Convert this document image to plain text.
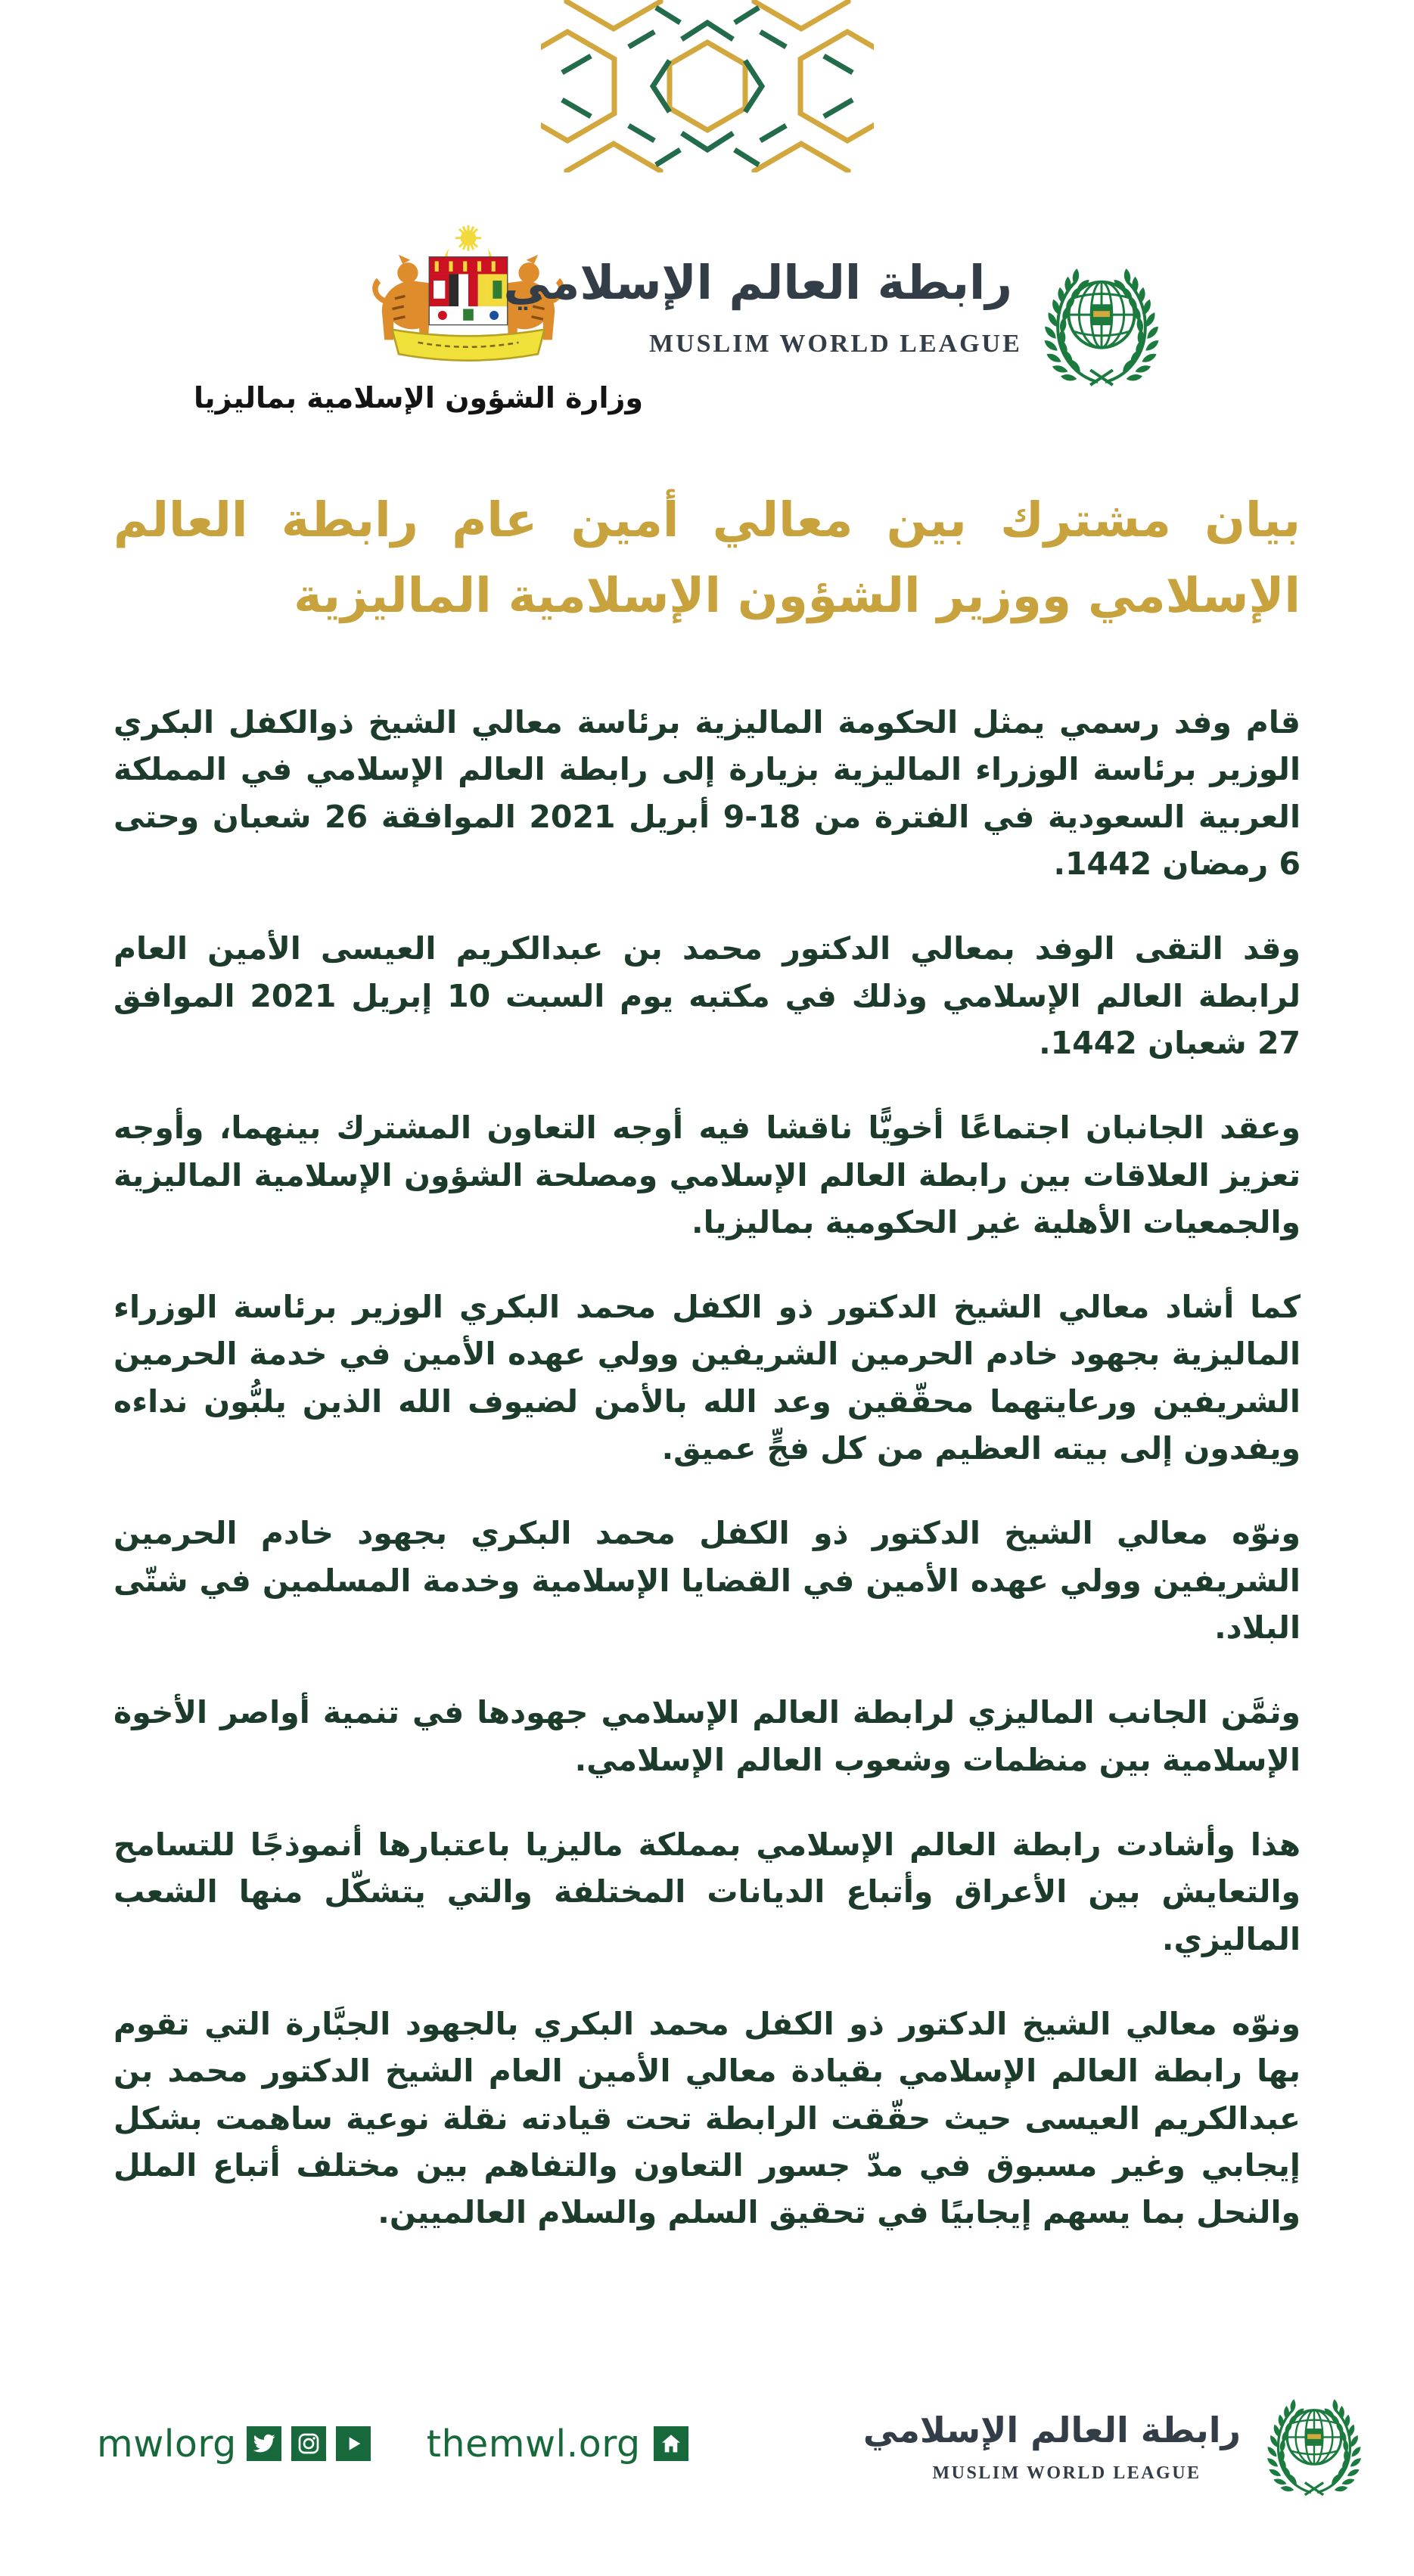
وزارة الشؤون الإسلامية بماليزيا
رابطة العالم الإسلامي
MUSLIM WORLD LEAGUE
بيان مشترك بين معالي أمين عام رابطة العالم الإسلامي ووزير الشؤون الإسلامية الماليزية

قام وفد رسمي يمثل الحكومة الماليزية برئاسة معالي الشيخ ذوالكفل البكري الوزير برئاسة الوزراء الماليزية بزيارة إلى رابطة العالم الإسلامي في المملكة العربية السعودية في الفترة من 18-9 أبريل 2021 الموافقة 26 شعبان وحتى 6 رمضان 1442.

وقد التقى الوفد بمعالي الدكتور محمد بن عبدالكريم العيسى الأمين العام لرابطة العالم الإسلامي وذلك في مكتبه يوم السبت 10 إبريل 2021 الموافق 27 شعبان 1442.

وعقد الجانبان اجتماعًا أخويًّا ناقشا فيه أوجه التعاون المشترك بينهما، وأوجه تعزيز العلاقات بين رابطة العالم الإسلامي ومصلحة الشؤون الإسلامية الماليزية والجمعيات الأهلية غير الحكومية بماليزيا.

كما أشاد معالي الشيخ الدكتور ذو الكفل محمد البكري الوزير برئاسة الوزراء الماليزية بجهود خادم الحرمين الشريفين وولي عهده الأمين في خدمة الحرمين الشريفين ورعايتهما محقّقين وعد الله بالأمن لضيوف الله الذين يلبُّون نداءه ويفدون إلى بيته العظيم من كل فجٍّ عميق.

ونوّه معالي الشيخ الدكتور ذو الكفل محمد البكري بجهود خادم الحرمين الشريفين وولي عهده الأمين في القضايا الإسلامية وخدمة المسلمين في شتّى البلاد.

وثمَّن الجانب الماليزي لرابطة العالم الإسلامي جهودها في تنمية أواصر الأخوة الإسلامية بين منظمات وشعوب العالم الإسلامي.

هذا وأشادت رابطة العالم الإسلامي بمملكة ماليزيا باعتبارها أنموذجًا للتسامح والتعايش بين الأعراق وأتباع الديانات المختلفة والتي يتشكّل منها الشعب الماليزي.

ونوّه معالي الشيخ الدكتور ذو الكفل محمد البكري بالجهود الجبَّارة التي تقوم بها رابطة العالم الإسلامي بقيادة معالي الأمين العام الشيخ الدكتور محمد بن عبدالكريم العيسى حيث حقّقت الرابطة تحت قيادته نقلة نوعية ساهمت بشكل إيجابي وغير مسبوق في مدّ جسور التعاون والتفاهم بين مختلف أتباع الملل والنحل بما يسهم إيجابيًا في تحقيق السلم والسلام العالميين.

mwlorg	themwl.org	رابطة العالم الإسلامي
MUSLIM WORLD LEAGUE
